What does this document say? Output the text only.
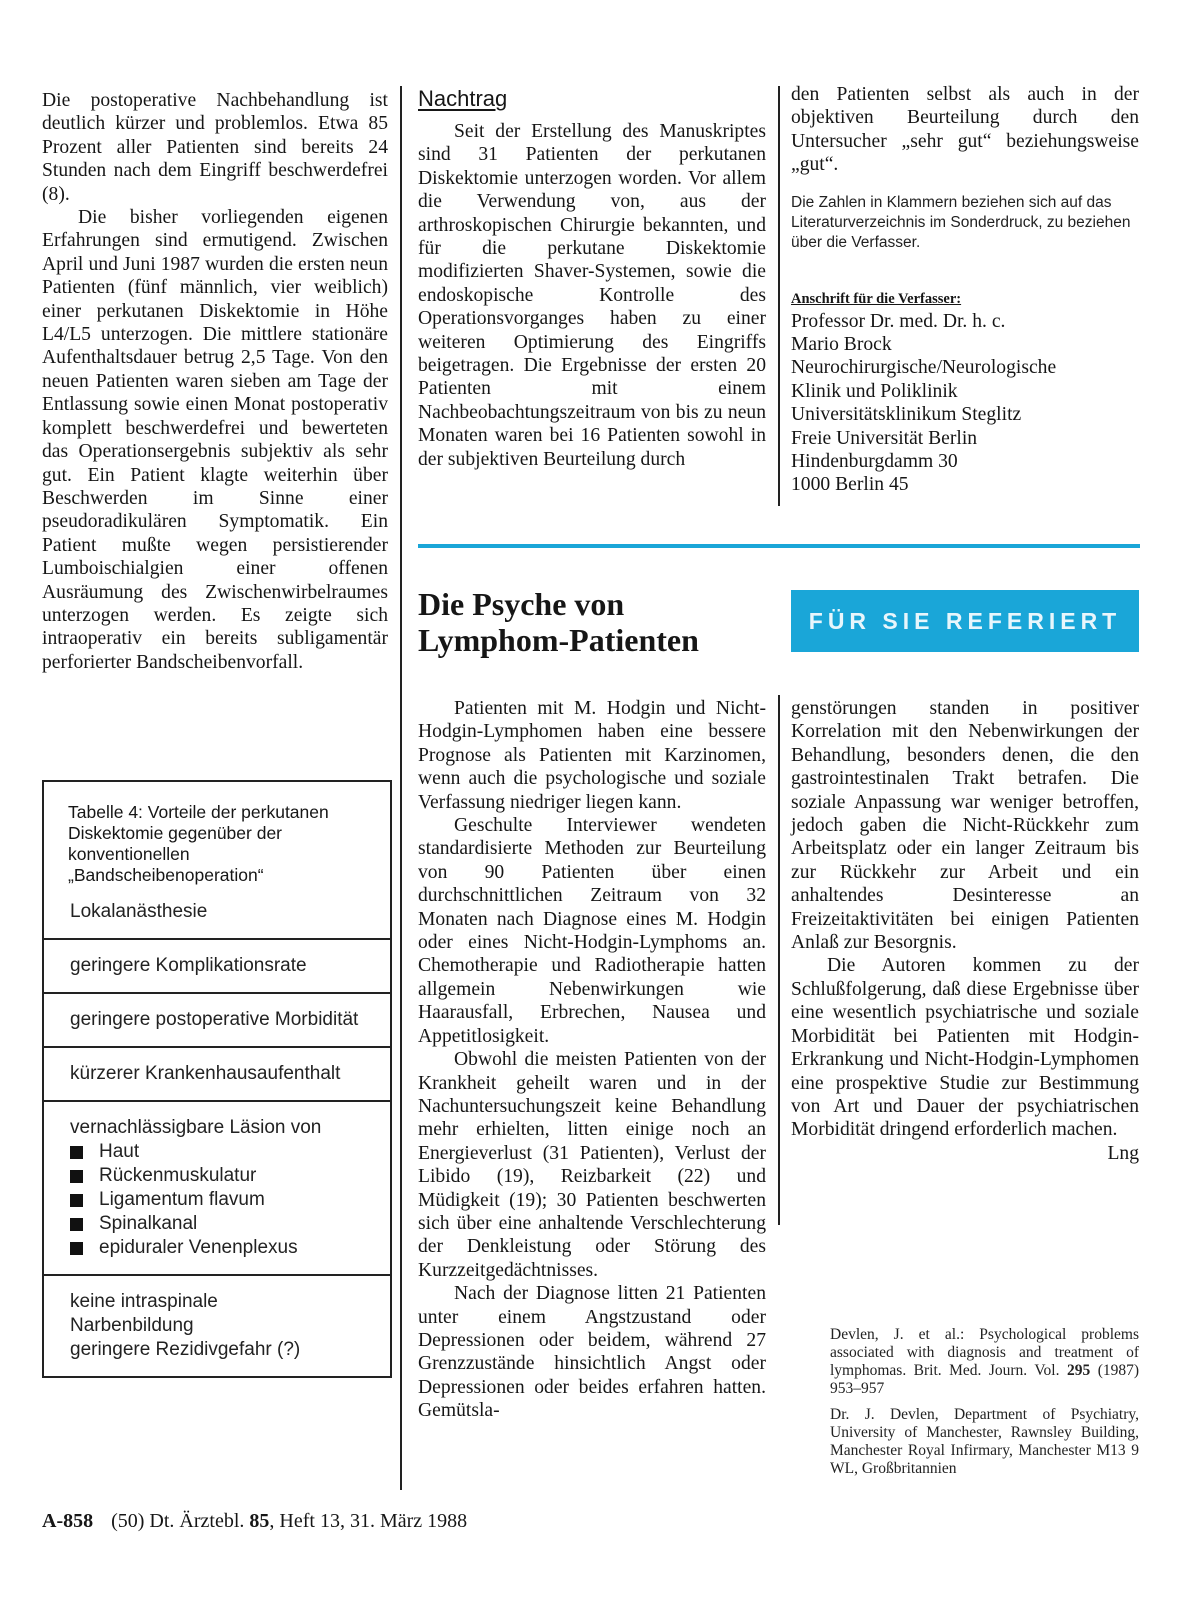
Die postoperative Nachbehandlung ist deutlich kürzer und problemlos. Etwa 85 Prozent aller Patienten sind bereits 24 Stunden nach dem Eingriff beschwerdefrei (8).

Die bisher vorliegenden eigenen Erfahrungen sind ermutigend. Zwischen April und Juni 1987 wurden die ersten neun Patienten (fünf männlich, vier weiblich) einer perkutanen Diskektomie in Höhe L4/L5 unterzogen. Die mittlere stationäre Aufenthaltsdauer betrug 2,5 Tage. Von den neuen Patienten waren sieben am Tage der Entlassung sowie einen Monat postoperativ komplett beschwerdefrei und bewerteten das Operationsergebnis subjektiv als sehr gut. Ein Patient klagte weiterhin über Beschwerden im Sinne einer pseudoradikulären Symptomatik. Ein Patient mußte wegen persistierender Lumboischialgien einer offenen Ausräumung des Zwischenwirbelraumes unterzogen werden. Es zeigte sich intraoperativ ein bereits subligamentär perforierter Bandscheibenvorfall.

Tabelle 4: Vorteile der perkutanen Diskektomie gegenüber der konventionellen „Bandscheibenoperation“
Lokalanästhesie
geringere Komplikationsrate
geringere postoperative Morbidität
kürzerer Krankenhausaufenthalt
vernachlässigbare Läsion von
Haut
Rückenmuskulatur
Ligamentum flavum
Spinalkanal
epiduraler Venenplexus
keine intraspinale
Narbenbildung
geringere Rezidivgefahr (?)
Nachtrag

Seit der Erstellung des Manuskriptes sind 31 Patienten der perkutanen Diskektomie unterzogen worden. Vor allem die Verwendung von, aus der arthroskopischen Chirurgie bekannten, und für die perkutane Diskektomie modifizierten Shaver-Systemen, sowie die endoskopische Kontrolle des Operationsvorganges haben zu einer weiteren Optimierung des Eingriffs beigetragen. Die Ergebnisse der ersten 20 Patienten mit einem Nachbeobachtungszeitraum von bis zu neun Monaten waren bei 16 Patienten sowohl in der subjektiven Beurteilung durch

den Patienten selbst als auch in der objektiven Beurteilung durch den Untersucher „sehr gut“ beziehungsweise „gut“.

Die Zahlen in Klammern beziehen sich auf das Literaturverzeichnis im Sonderdruck, zu beziehen über die Verfasser.

Anschrift für die Verfasser:
Professor Dr. med. Dr. h. c.
Mario Brock
Neurochirurgische/Neurologische
Klinik und Poliklinik
Universitätsklinikum Steglitz
Freie Universität Berlin
Hindenburgdamm 30
1000 Berlin 45
Die Psyche von Lymphom-Patienten
FÜR SIE REFERIERT

Patienten mit M. Hodgin und Nicht-Hodgin-Lymphomen haben eine bessere Prognose als Patienten mit Karzinomen, wenn auch die psychologische und soziale Verfassung niedriger liegen kann.

Geschulte Interviewer wendeten standardisierte Methoden zur Beurteilung von 90 Patienten über einen durchschnittlichen Zeitraum von 32 Monaten nach Diagnose eines M. Hodgin oder eines Nicht-Hodgin-Lymphoms an. Chemotherapie und Radiotherapie hatten allgemein Nebenwirkungen wie Haarausfall, Erbrechen, Nausea und Appetitlosigkeit.

Obwohl die meisten Patienten von der Krankheit geheilt waren und in der Nachuntersuchungszeit keine Behandlung mehr erhielten, litten einige noch an Energieverlust (31 Patienten), Verlust der Libido (19), Reizbarkeit (22) und Müdigkeit (19); 30 Patienten beschwerten sich über eine anhaltende Verschlechterung der Denkleistung oder Störung des Kurzzeitgedächtnisses.

Nach der Diagnose litten 21 Patienten unter einem Angstzustand oder Depressionen oder beidem, während 27 Grenzzustände hinsichtlich Angst oder Depressionen oder beides erfahren hatten. Gemütsla-

genstörungen standen in positiver Korrelation mit den Nebenwirkungen der Behandlung, besonders denen, die den gastrointestinalen Trakt betrafen. Die soziale Anpassung war weniger betroffen, jedoch gaben die Nicht-Rückkehr zum Arbeitsplatz oder ein langer Zeitraum bis zur Rückkehr zur Arbeit und ein anhaltendes Desinteresse an Freizeitaktivitäten bei einigen Patienten Anlaß zur Besorgnis.

Die Autoren kommen zu der Schlußfolgerung, daß diese Ergebnisse über eine wesentlich psychiatrische und soziale Morbidität bei Patienten mit Hodgin-Erkrankung und Nicht-Hodgin-Lymphomen eine prospektive Studie zur Bestimmung von Art und Dauer der psychiatrischen Morbidität dringend erforderlich machen.
Lng

Devlen, J. et al.: Psychological problems associated with diagnosis and treatment of lymphomas. Brit. Med. Journ. Vol. 295 (1987) 953–957

Dr. J. Devlen, Department of Psychiatry, University of Manchester, Rawnsley Building, Manchester Royal Infirmary, Manchester M13 9 WL, Großbritannien

A-858 (50) Dt. Ärztebl. 85, Heft 13, 31. März 1988
